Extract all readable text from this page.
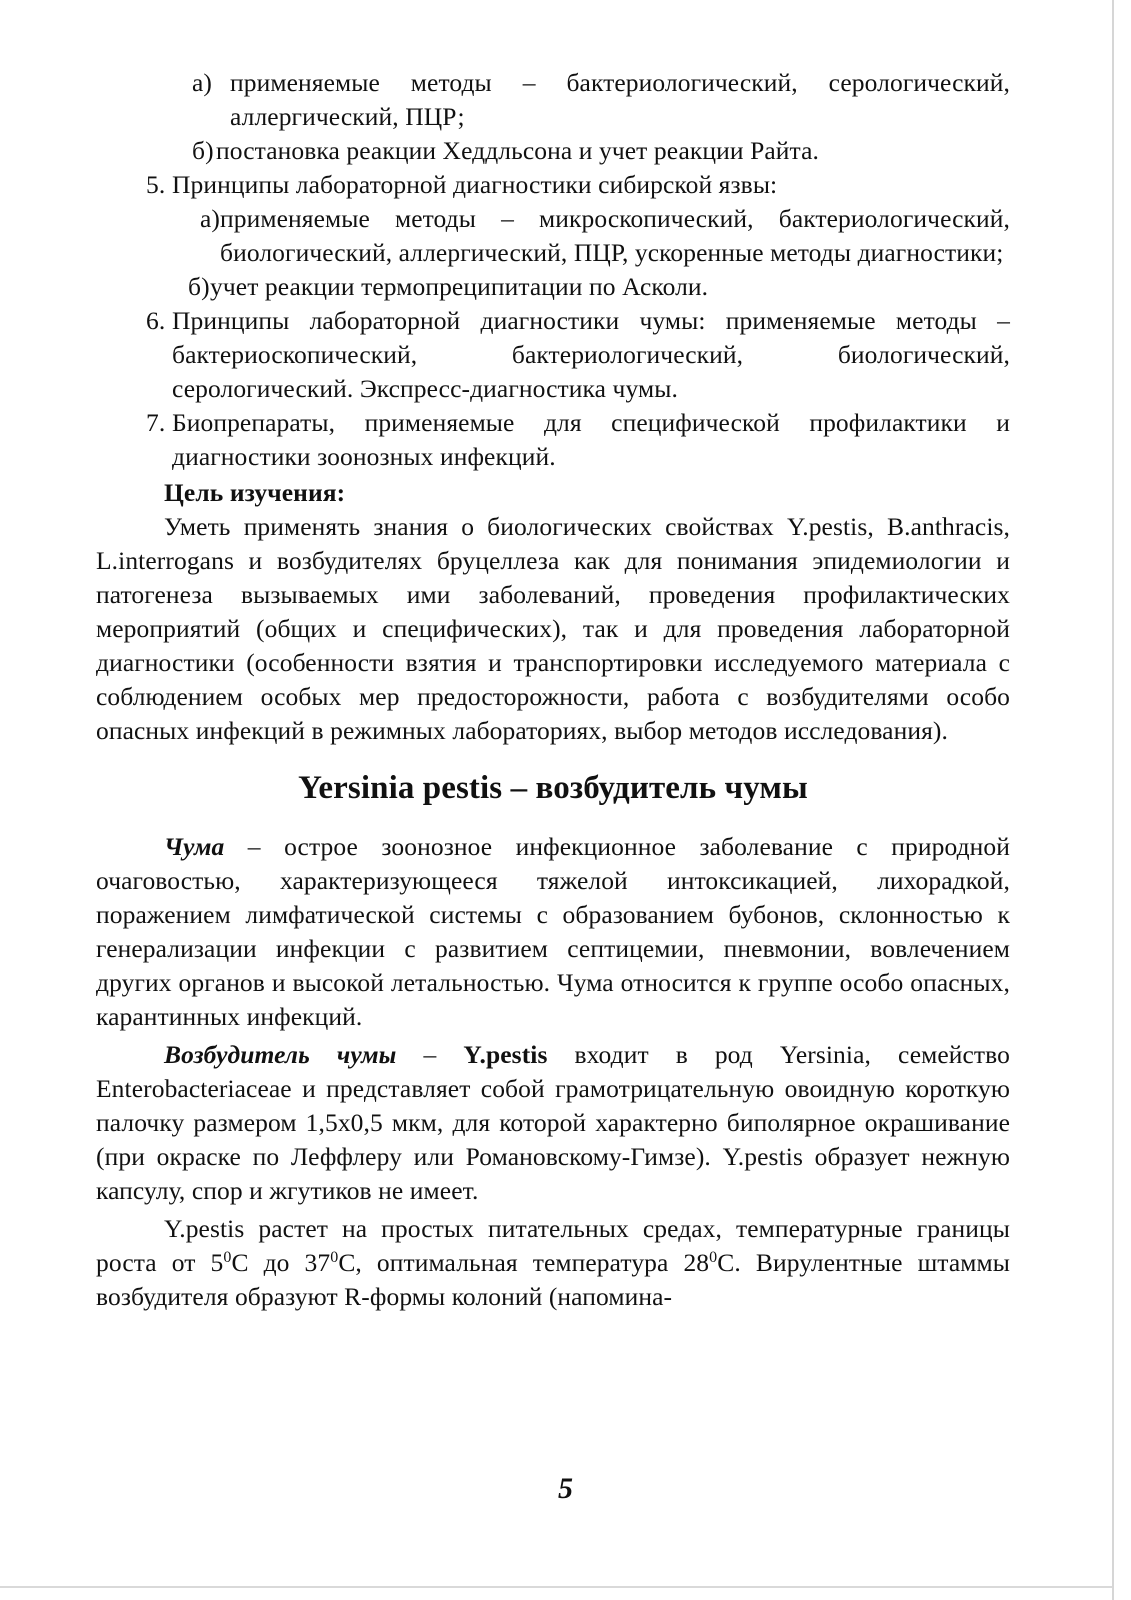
а) применяемые методы – бактериологический, серологический, аллергический, ПЦР;
б) постановка реакции Хеддльсона и учет реакции Райта.
5. Принципы лабораторной диагностики сибирской язвы:
а) применяемые методы – микроскопический, бактериологический, биологический, аллергический, ПЦР, ускоренные методы диагностики;
б) учет реакции термопреципитации по Асколи.
6. Принципы лабораторной диагностики чумы: применяемые методы – бактериоскопический, бактериологический, биологический, серологический. Экспресс-диагностика чумы.
7. Биопрепараты, применяемые для специфической профилактики и диагностики зоонозных инфекций.

Цель изучения:

Уметь применять знания о биологических свойствах Y.pestis, B.anthracis, L.interrogans и возбудителях бруцеллеза как для понимания эпидемиологии и патогенеза вызываемых ими заболеваний, проведения профилактических мероприятий (общих и специфических), так и для проведения лабораторной диагностики (особенности взятия и транспортировки исследуемого материала с соблюдением особых мер предосторожности, работа с возбудителями особо опасных инфекций в режимных лабораториях, выбор методов исследования).

Yersinia pestis – возбудитель чумы

Чума – острое зоонозное инфекционное заболевание с природной очаговостью, характеризующееся тяжелой интоксикацией, лихорадкой, поражением лимфатической системы с образованием бубонов, склонностью к генерализации инфекции с развитием септицемии, пневмонии, вовлечением других органов и высокой летальностью. Чума относится к группе особо опасных, карантинных инфекций.

Возбудитель чумы – Y.pestis входит в род Yersinia, семейство Enterobacteriaceae и представляет собой грамотрицательную овоидную короткую палочку размером 1,5х0,5 мкм, для которой характерно биполярное окрашивание (при окраске по Леффлеру или Романовскому-Гимзе). Y.pestis образует нежную капсулу, спор и жгутиков не имеет.

Y.pestis растет на простых питательных средах, температурные границы роста от $5^0С$ до $37^0С$, оптимальная температура $28^0С$. Вирулентные штаммы возбудителя образуют R-формы колоний (напомина-

5
